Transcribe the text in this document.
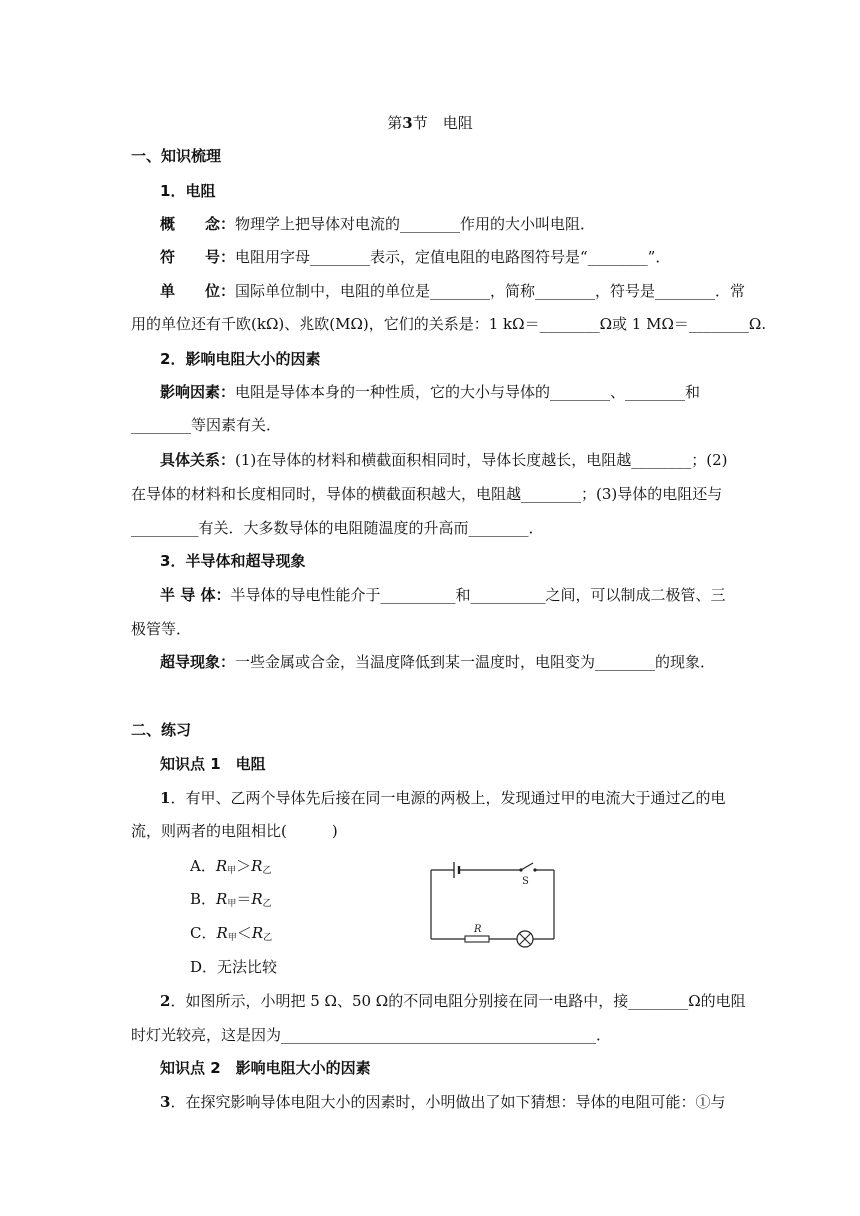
第3节　电阻
一、知识梳理
1．电阻
概　　念：物理学上把导体对电流的________作用的大小叫电阻．
符　　号：电阻用字母________表示，定值电阻的电路图符号是“________”．
单　　位：国际单位制中，电阻的单位是________，简称________，符号是________．常
用的单位还有千欧(kΩ)、兆欧(MΩ)，它们的关系是：1 kΩ＝________Ω或 1 MΩ＝________Ω.
2．影响电阻大小的因素
影响因素：电阻是导体本身的一种性质，它的大小与导体的________、________和
________等因素有关．
具体关系：(1)在导体的材料和横截面积相同时，导体长度越长，电阻越________；(2)
在导体的材料和长度相同时，导体的横截面积越大，电阻越________；(3)导体的电阻还与
_________有关．大多数导体的电阻随温度的升高而________．
3．半导体和超导现象
半 导 体：半导体的导电性能介于__________和__________之间，可以制成二极管、三
极管等．
超导现象：一些金属或合金，当温度降低到某一温度时，电阻变为________的现象．
二、练习
知识点 1　电阻
1．有甲、乙两个导体先后接在同一电源的两极上，发现通过甲的电流大于通过乙的电
流，则两者的电阻相比(　　　)
A．$R_甲>R_乙$
B．$R_甲=R_乙$
C．$R_甲<R_乙$
D．无法比较
S
R
2．如图所示，小明把 5 Ω、50 Ω的不同电阻分别接在同一电路中，接________Ω的电阻
时灯光较亮，这是因为__________________________________________．
知识点 2　影响电阻大小的因素
3．在探究影响导体电阻大小的因素时，小明做出了如下猜想：导体的电阻可能：①与
